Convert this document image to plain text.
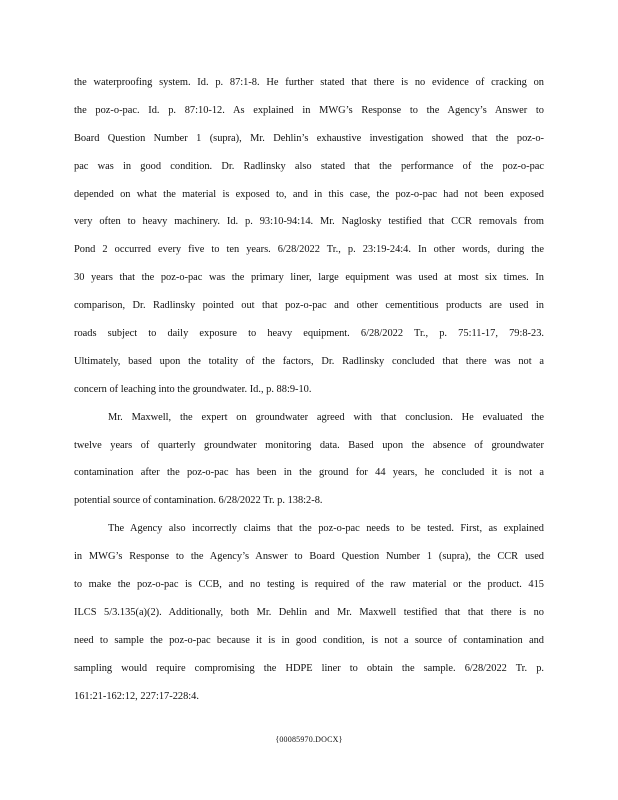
the waterproofing system. Id. p. 87:1-8. He further stated that there is no evidence of cracking on
the poz-o-pac. Id. p. 87:10-12. As explained in MWG’s Response to the Agency’s Answer to
Board Question Number 1 (supra), Mr. Dehlin’s exhaustive investigation showed that the poz-o-
pac was in good condition. Dr. Radlinsky also stated that the performance of the poz-o-pac
depended on what the material is exposed to, and in this case, the poz-o-pac had not been exposed
very often to heavy machinery. Id. p. 93:10-94:14. Mr. Naglosky testified that CCR removals from
Pond 2 occurred every five to ten years. 6/28/2022 Tr., p. 23:19-24:4. In other words, during the
30 years that the poz-o-pac was the primary liner, large equipment was used at most six times. In
comparison, Dr. Radlinsky pointed out that poz-o-pac and other cementitious products are used in
roads subject to daily exposure to heavy equipment. 6/28/2022 Tr., p. 75:11-17, 79:8-23.
Ultimately, based upon the totality of the factors, Dr. Radlinsky concluded that there was not a
concern of leaching into the groundwater. Id., p. 88:9-10.
Mr. Maxwell, the expert on groundwater agreed with that conclusion. He evaluated the
twelve years of quarterly groundwater monitoring data. Based upon the absence of groundwater
contamination after the poz-o-pac has been in the ground for 44 years, he concluded it is not a
potential source of contamination. 6/28/2022 Tr. p. 138:2-8.
The Agency also incorrectly claims that the poz-o-pac needs to be tested. First, as explained
in MWG’s Response to the Agency’s Answer to Board Question Number 1 (supra), the CCR used
to make the poz-o-pac is CCB, and no testing is required of the raw material or the product. 415
ILCS 5/3.135(a)(2). Additionally, both Mr. Dehlin and Mr. Maxwell testified that that there is no
need to sample the poz-o-pac because it is in good condition, is not a source of contamination and
sampling would require compromising the HDPE liner to obtain the sample. 6/28/2022 Tr. p.
161:21-162:12, 227:17-228:4.
{00085970.DOCX}
